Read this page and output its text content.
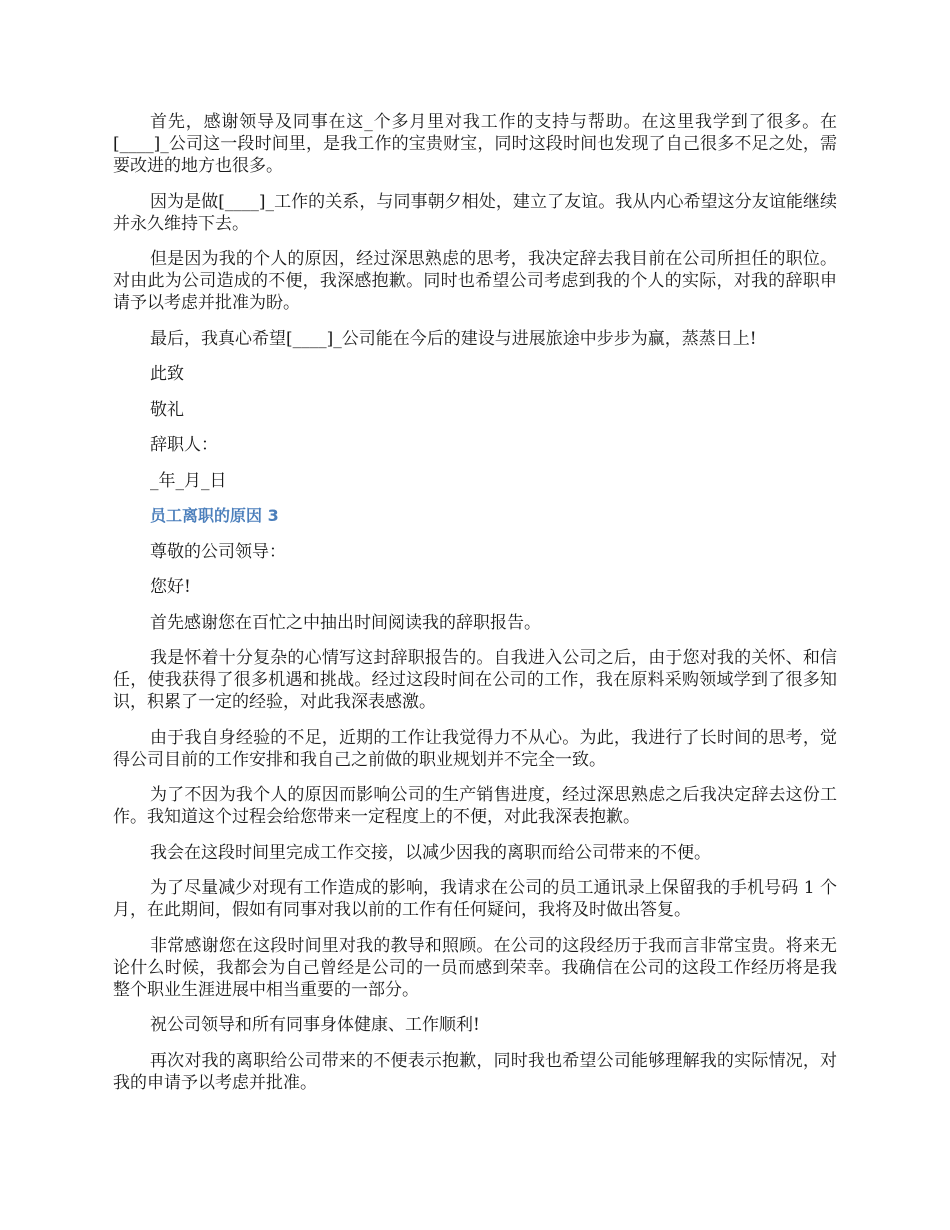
首先，感谢领导及同事在这_个多月里对我工作的支持与帮助。在这里我学到了很多。在[____]_公司这一段时间里，是我工作的宝贵财宝，同时这段时间也发现了自己很多不足之处，需要改进的地方也很多。

因为是做[____]_工作的关系，与同事朝夕相处，建立了友谊。我从内心希望这分友谊能继续并永久维持下去。

但是因为我的个人的原因，经过深思熟虑的思考，我决定辞去我目前在公司所担任的职位。对由此为公司造成的不便，我深感抱歉。同时也希望公司考虑到我的个人的实际，对我的辞职申请予以考虑并批准为盼。

最后，我真心希望[____]_公司能在今后的建设与进展旅途中步步为赢，蒸蒸日上!

此致

敬礼

辞职人：

_年_月_日

员工离职的原因 3

尊敬的公司领导：

您好!

首先感谢您在百忙之中抽出时间阅读我的辞职报告。

我是怀着十分复杂的心情写这封辞职报告的。自我进入公司之后，由于您对我的关怀、和信任，使我获得了很多机遇和挑战。经过这段时间在公司的工作，我在原料采购领域学到了很多知识，积累了一定的经验，对此我深表感激。

由于我自身经验的不足，近期的工作让我觉得力不从心。为此，我进行了长时间的思考，觉得公司目前的工作安排和我自己之前做的职业规划并不完全一致。

为了不因为我个人的原因而影响公司的生产销售进度，经过深思熟虑之后我决定辞去这份工作。我知道这个过程会给您带来一定程度上的不便，对此我深表抱歉。

我会在这段时间里完成工作交接，以减少因我的离职而给公司带来的不便。

为了尽量减少对现有工作造成的影响，我请求在公司的员工通讯录上保留我的手机号码 1 个月，在此期间，假如有同事对我以前的工作有任何疑问，我将及时做出答复。

非常感谢您在这段时间里对我的教导和照顾。在公司的这段经历于我而言非常宝贵。将来无论什么时候，我都会为自己曾经是公司的一员而感到荣幸。我确信在公司的这段工作经历将是我整个职业生涯进展中相当重要的一部分。

祝公司领导和所有同事身体健康、工作顺利!

再次对我的离职给公司带来的不便表示抱歉，同时我也希望公司能够理解我的实际情况，对我的申请予以考虑并批准。
